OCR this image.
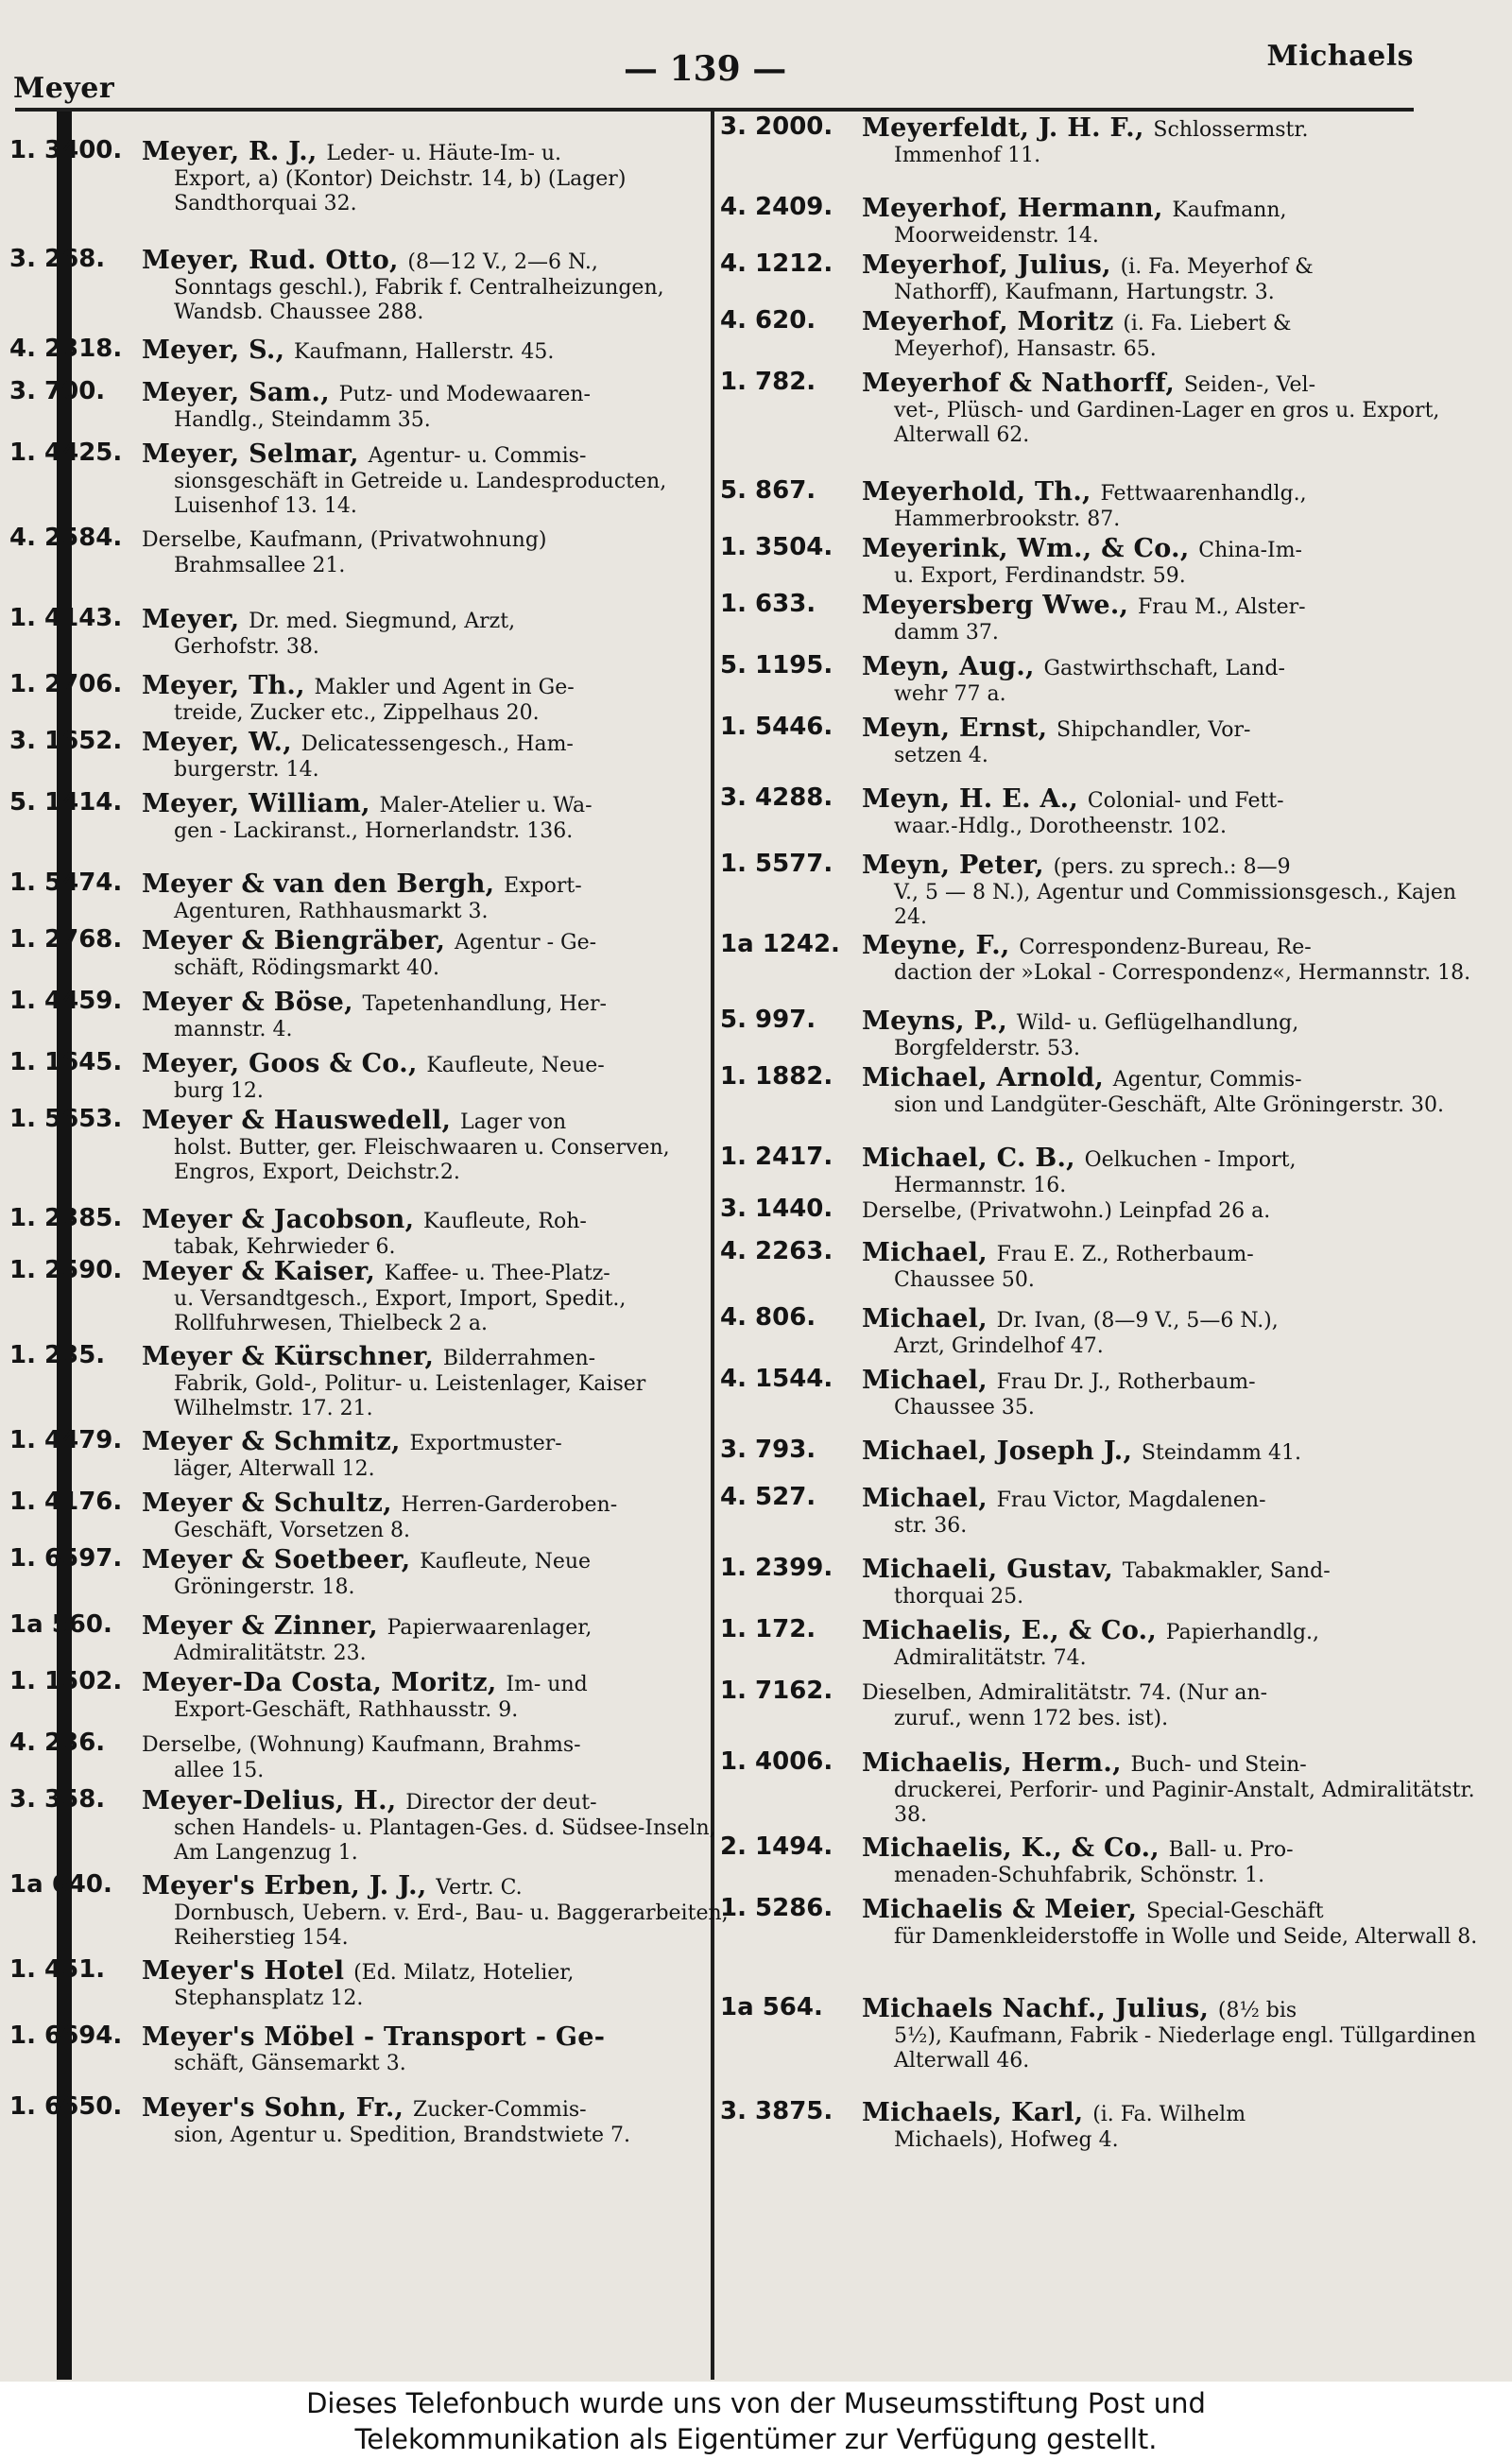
Meyer	— 139 —	Michaels
1. 3400. Meyer, R. J., Leder- u. Häute-Im- u.
Export, a) (Kontor) Deichstr. 14, b) (Lager) Sandthorquai 32.
3. 268.	Meyer, Rud. Otto, (8—12 V., 2—6 N.,
Sonntags geschl.), Fabrik f. Centralheizungen, Wandsb. Chaussee 288.
4. 2318. Meyer, S., Kaufmann, Hallerstr. 45.
3. 700.	Meyer, Sam., Putz- und Modewaaren-
Handlg., Steindamm 35.
1. 4425. Meyer, Selmar, Agentur- u. Commis-
sionsgeschäft in Getreide u. Landesproducten, Luisenhof 13. 14.
4. 2584. Derselbe, Kaufmann, (Privatwohnung)
Brahmsallee 21.
1. 4143. Meyer, Dr. med. Siegmund, Arzt,
Gerhofstr. 38.
1. 2706. Meyer, Th., Makler und Agent in Ge-
treide, Zucker etc., Zippelhaus 20.
3. 1652. Meyer, W., Delicatessengesch., Ham-
burgerstr. 14.
5. 1414. Meyer, William, Maler-Atelier u. Wa-
gen - Lackiranst., Hornerlandstr. 136.
1. 5474. Meyer & van den Bergh, Export-
Agenturen, Rathhausmarkt 3.
1. 2768. Meyer & Biengräber, Agentur - Ge-
schäft, Rödingsmarkt 40.
1. 4459. Meyer & Böse, Tapetenhandlung, Her-
mannstr. 4.
1. 1645. Meyer, Goos & Co., Kaufleute, Neue-
burg 12.
1. 5653. Meyer & Hauswedell, Lager von
holst. Butter, ger. Fleischwaaren u. Conserven, Engros, Export, Deichstr.2.
1. 2385. Meyer & Jacobson, Kaufleute, Roh-
tabak, Kehrwieder 6.
1. 2590. Meyer & Kaiser, Kaffee- u. Thee-Platz-
u. Versandtgesch., Export, Import, Spedit., Rollfuhrwesen, Thielbeck 2 a.
1. 235.	Meyer & Kürschner, Bilderrahmen-
Fabrik, Gold-, Politur- u. Leistenlager, Kaiser Wilhelmstr. 17. 21.
1. 4479. Meyer & Schmitz, Exportmuster-
läger, Alterwall 12.
1. 4176. Meyer & Schultz, Herren-Garderoben-
Geschäft, Vorsetzen 8.
1. 6597. Meyer & Soetbeer, Kaufleute, Neue
Gröningerstr. 18.
1a 560.	Meyer & Zinner, Papierwaarenlager,
Admiralitätstr. 23.
1. 1502. Meyer-Da Costa, Moritz, Im- und
Export-Geschäft, Rathhausstr. 9.
4. 236.	Derselbe, (Wohnung) Kaufmann, Brahms-
allee 15.
3. 358.	Meyer-Delius, H., Director der deut-
schen Handels- u. Plantagen-Ges. d. Südsee-Inseln, Am Langenzug 1.
1a 640.	Meyer's Erben, J. J., Vertr. C.
Dornbusch, Uebern. v. Erd-, Bau- u. Baggerarbeiten, Reiherstieg 154.
1. 451.	Meyer's Hotel (Ed. Milatz, Hotelier,
Stephansplatz 12.
1. 6694. Meyer's Möbel - Transport - Ge-
schäft, Gänsemarkt 3.
1. 6650. Meyer's Sohn, Fr., Zucker-Commis-
sion, Agentur u. Spedition, Brandstwiete 7.
3. 2000.	Meyerfeldt, J. H. F., Schlossermstr.
Immenhof 11.
4. 2409.	Meyerhof, Hermann, Kaufmann,
Moorweidenstr. 14.
4. 1212.	Meyerhof, Julius, (i. Fa. Meyerhof &
Nathorff), Kaufmann, Hartungstr. 3.
4. 620.	Meyerhof, Moritz (i. Fa. Liebert &
Meyerhof), Hansastr. 65.
1. 782.	Meyerhof & Nathorff, Seiden-, Vel-
vet-, Plüsch- und Gardinen-Lager en gros u. Export, Alterwall 62.
5. 867.	Meyerhold, Th., Fettwaarenhandlg.,
Hammerbrookstr. 87.
1. 3504.	Meyerink, Wm., & Co., China-Im-
u. Export, Ferdinandstr. 59.
1. 633.	Meyersberg Wwe., Frau M., Alster-
damm 37.
5. 1195.	Meyn, Aug., Gastwirthschaft, Land-
wehr 77 a.
1. 5446.	Meyn, Ernst, Shipchandler, Vor-
setzen 4.
3. 4288.	Meyn, H. E. A., Colonial- und Fett-
waar.-Hdlg., Dorotheenstr. 102.
1. 5577.	Meyn, Peter, (pers. zu sprech.: 8—9
V., 5 — 8 N.), Agentur und Commissionsgesch., Kajen 24.
1a 1242. Meyne, F., Correspondenz-Bureau, Re-
daction der »Lokal - Correspondenz«, Hermannstr. 18.
5. 997.	Meyns, P., Wild- u. Geflügelhandlung,
Borgfelderstr. 53.
1. 1882.	Michael, Arnold, Agentur, Commis-
sion und Landgüter-Geschäft, Alte Gröningerstr. 30.
1. 2417.	Michael, C. B., Oelkuchen - Import,
Hermannstr. 16.
3. 1440.	Derselbe, (Privatwohn.) Leinpfad 26 a.
4. 2263.	Michael, Frau E. Z., Rotherbaum-
Chaussee 50.
4. 806.	Michael, Dr. Ivan, (8—9 V., 5—6 N.),
Arzt, Grindelhof 47.
4. 1544.	Michael, Frau Dr. J., Rotherbaum-
Chaussee 35.
3. 793.	Michael, Joseph J., Steindamm 41.
4. 527.	Michael, Frau Victor, Magdalenen-
str. 36.
1. 2399.	Michaeli, Gustav, Tabakmakler, Sand-
thorquai 25.
1. 172.	Michaelis, E., & Co., Papierhandlg.,
Admiralitätstr. 74.
1. 7162.	Dieselben, Admiralitätstr. 74. (Nur an-
zuruf., wenn 172 bes. ist).
1. 4006.	Michaelis, Herm., Buch- und Stein-
druckerei, Perforir- und Paginir-Anstalt, Admiralitätstr. 38.
2. 1494.	Michaelis, K., & Co., Ball- u. Pro-
menaden-Schuhfabrik, Schönstr. 1.
1. 5286.	Michaelis & Meier, Special-Geschäft
für Damenkleiderstoffe in Wolle und Seide, Alterwall 8.
1a 564.	Michaels Nachf., Julius, (8½ bis
5½), Kaufmann, Fabrik - Niederlage engl. Tüllgardinen Alterwall 46.
3. 3875.	Michaels, Karl, (i. Fa. Wilhelm
Michaels), Hofweg 4.
Dieses Telefonbuch wurde uns von der Museumsstiftung Post und
Telekommunikation als Eigentümer zur Verfügung gestellt.
